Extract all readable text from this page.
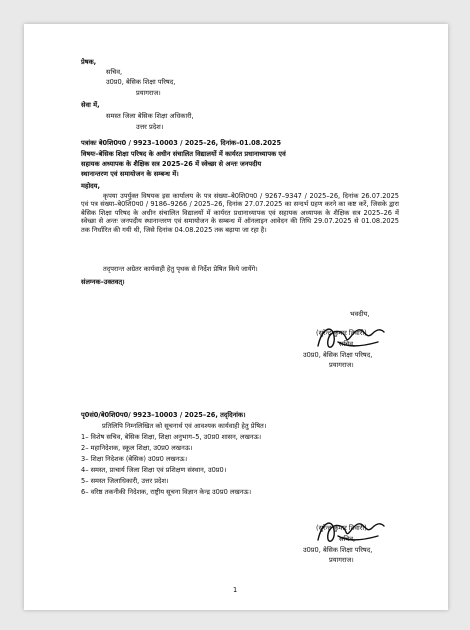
प्रेषक,

सचिव,

उ0प्र0, बेसिक शिक्षा परिषद,

प्रयागराज।

सेवा में,

समस्त जिला बेसिक शिक्षा अधिकारी,

उत्तर प्रदेश।

पत्रांकः बे0शि0प0 / 9923–10003 / 2025–26, दिनांक–01.08.2025

विषयः–बेसिक शिक्षा परिषद के अधीन संचालित विद्यालयों में कार्यरत प्रधानाध्यापक एवं

सहायक अध्यापक के शैक्षिक सत्र 2025–26 में स्वेच्छा से अन्तः जनपदीय

स्थानान्तरण एवं समायोजन के सम्बन्ध में।

महोदय,

कृपया उपर्युक्त विषयक इस कार्यालय के पत्र संख्या–बे0शि0प0 / 9267–9347 / 2025–26, दिनांक 26.07.2025 एवं पत्र संख्या–बे0शि0प0 / 9186–9266 / 2025–26, दिनांक 27.07.2025 का सन्दर्भ ग्रहण करने का कष्ट करें, जिसके द्वारा बेसिक शिक्षा परिषद के अधीन संचालित विद्यालयों में कार्यरत प्रधानाध्यापक एवं सहायक अध्यापक के शैक्षिक सत्र 2025–26 में स्वेच्छा से अन्तः जनपदीय स्थानान्तरण एवं समायोजन के सम्बन्ध में ऑनलाइन आवेदन की तिथि 29.07.2025 से 01.08.2025 तक निर्धारित की गयी थी, जिसे दिनांक 04.08.2025 तक बढ़ाया जा रहा है।

तद्‌परान्त अग्रेतर कार्यवाही हेतु पृथक से निर्देश प्रेषित किये जायेंगे।

संलग्नक–उक्तवत्‌।

भवदीय,

(सुरेन्द्र कुमार तिवारी)

सचिव,

उ0प्र0, बेसिक शिक्षा परिषद,

प्रयागराज।

पृ0सं0/बे0शि0प0/ 9923–10003 / 2025–26, तद्‌दिनांक।

प्रतिलिपि निम्नलिखित को सूचनार्थ एवं आवश्यक कार्यवाही हेतु प्रेषित।

1– विशेष सचिव, बेसिक शिक्षा, शिक्षा अनुभाग–5, उ0प्र0 शासन, लखनऊ।

2– महानिदेशक, स्कूल शिक्षा, उ0प्र0 लखनऊ।

3– शिक्षा निदेशक (बेसिक) उ0प्र0 लखनऊ।

4– समस्त, प्राचार्य जिला शिक्षा एवं प्रशिक्षण संस्थान, उ0प्र0।

5– समस्त जिलाधिकारी, उत्तर प्रदेश।

6– वरिष्ठ तकनीकी निदेशक, राष्ट्रीय सूचना विज्ञान केन्द्र उ0प्र0 लखनऊ।

(सुरेन्द्र कुमार तिवारी)

सचिव,

उ0प्र0, बेसिक शिक्षा परिषद,

प्रयागराज।

1
